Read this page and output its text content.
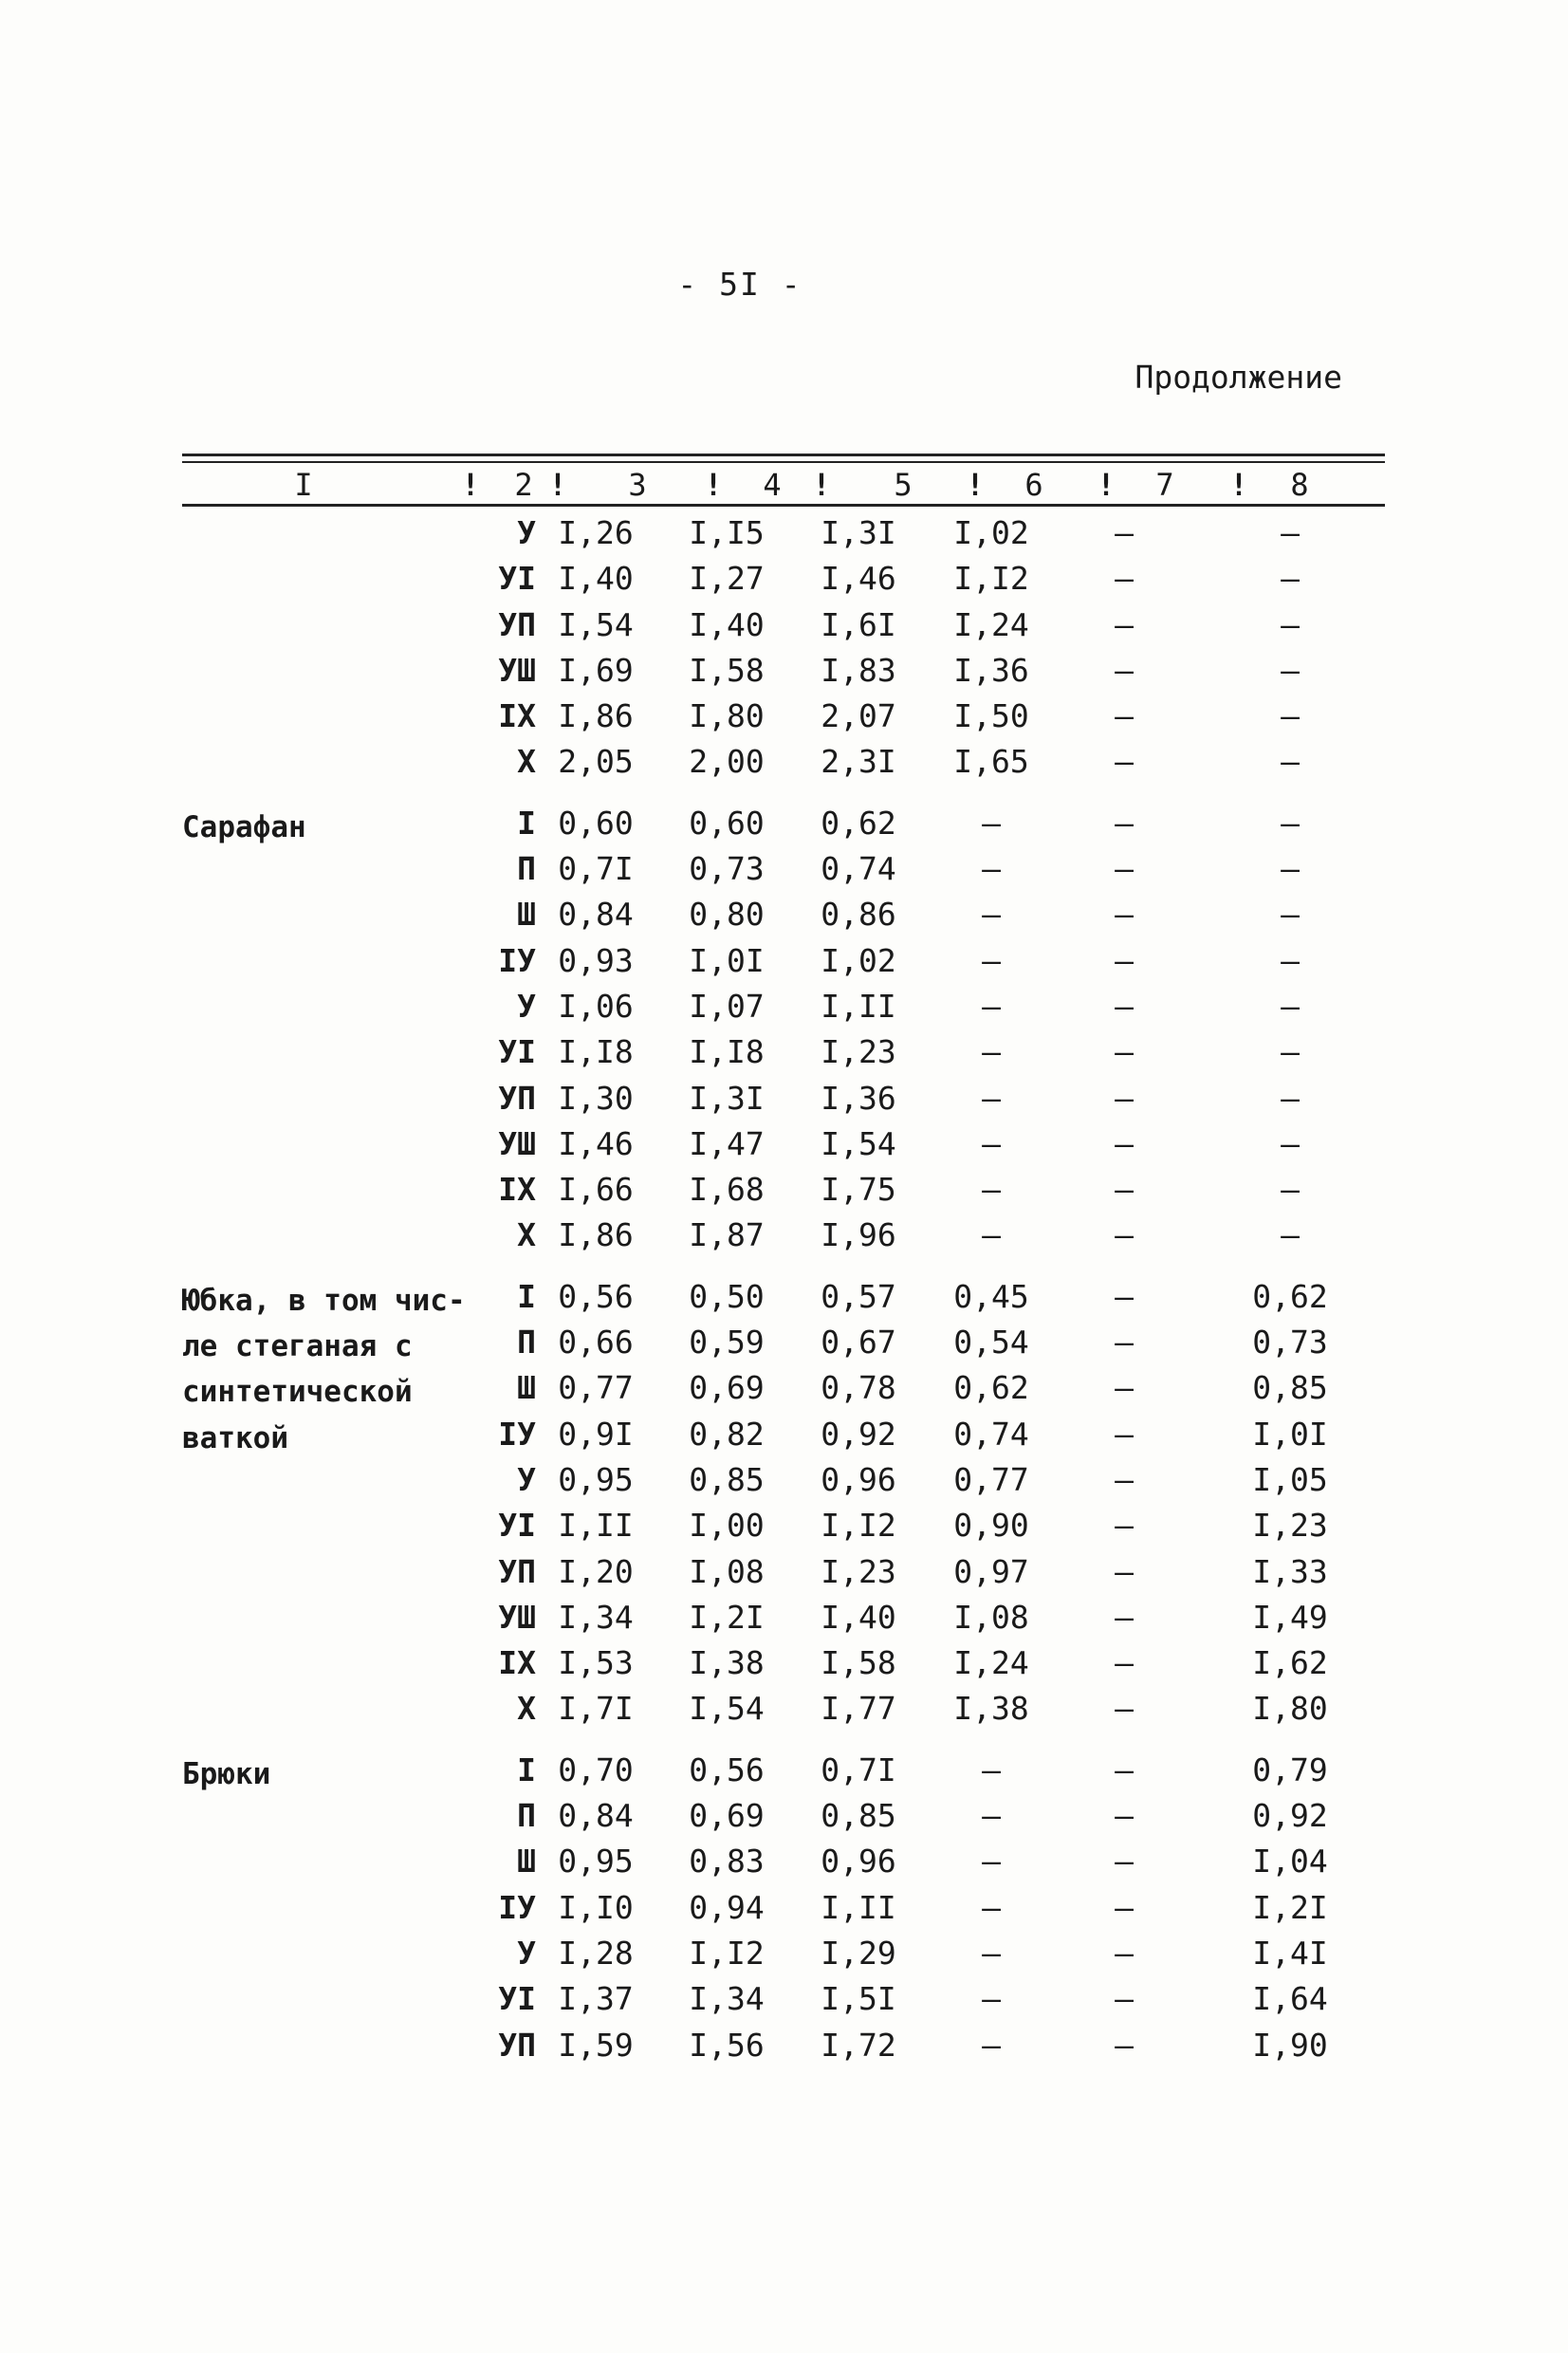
- 5I -
Продолжение
I	! 2 ! 3 ! 4 ! 5 ! 6 ! 7 ! 8
У I,26 I,I5 I,3I I,02	–	–
УI I,40 I,27 I,46 I,I2	–	–
УП I,54 I,40 I,6I I,24	–	–
УШ I,69 I,58 I,83 I,36	–	–
IХ I,86 I,80 2,07 I,50	–	–
Х 2,05 2,00 2,3I I,65	–	–
Сарафан	I 0,60 0,60 0,62	–	–	–
П 0,7I 0,73 0,74	–	–	–
Ш 0,84 0,80 0,86	–	–	–
IУ 0,93 I,0I I,02	–	–	–
У I,06 I,07 I,II	–	–	–
УI I,I8 I,I8 I,23	–	–	–
УП I,30 I,3I I,36	–	–	–
УШ I,46 I,47 I,54	–	–	–
IХ I,66 I,68 I,75	–	–	–
Х I,86 I,87 I,96	–	–	–
Юбка, в том чис-
ле стеганая с
синтетической
ваткой
I 0,56 0,50 0,57 0,45	–	0,62
П 0,66 0,59 0,67 0,54	–	0,73
Ш 0,77 0,69 0,78 0,62	–	0,85
IУ 0,9I 0,82 0,92 0,74	–	I,0I
У 0,95 0,85 0,96 0,77	–	I,05
УI I,II I,00 I,I2 0,90	–	I,23
УП I,20 I,08 I,23 0,97	–	I,33
УШ I,34 I,2I I,40 I,08	–	I,49
IХ I,53 I,38 I,58 I,24	–	I,62
Х I,7I I,54 I,77 I,38	–	I,80
Брюки	I 0,70 0,56 0,7I	–	–	0,79
П 0,84 0,69 0,85	–	–	0,92
Ш 0,95 0,83 0,96	–	–	I,04
IУ I,I0 0,94 I,II	–	–	I,2I
У I,28 I,I2 I,29	–	–	I,4I
УI I,37 I,34 I,5I	–	–	I,64
УП I,59 I,56 I,72	–	–	I,90
